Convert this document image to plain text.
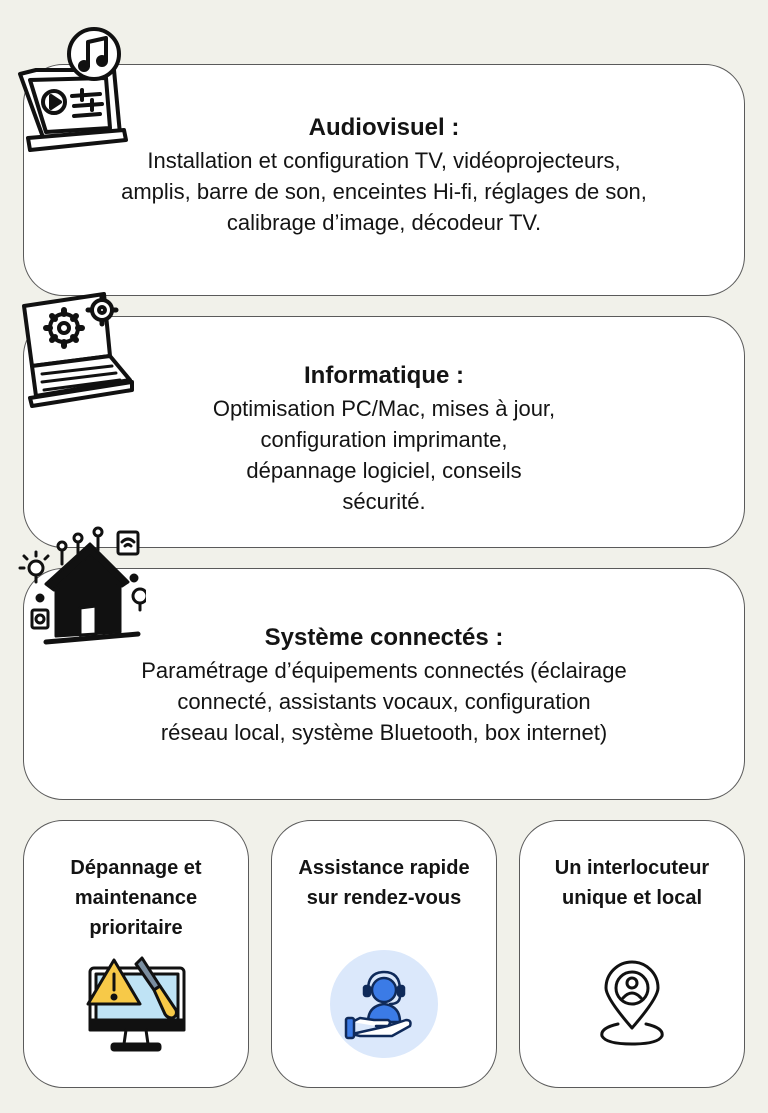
Audiovisuel :

Installation et configuration TV, vidéoprojecteurs,
amplis, barre de son, enceintes Hi-fi, réglages de son,
calibrage d’image, décodeur TV.

Informatique :

Optimisation PC/Mac, mises à jour,
configuration imprimante,
dépannage logiciel, conseils
sécurité.

Système connectés :

Paramétrage d’équipements connectés (éclairage
connecté, assistants vocaux, configuration
réseau local, système Bluetooth, box internet)

Dépannage et
maintenance
prioritaire

Assistance rapide
sur rendez-vous

Un interlocuteur
unique et local
